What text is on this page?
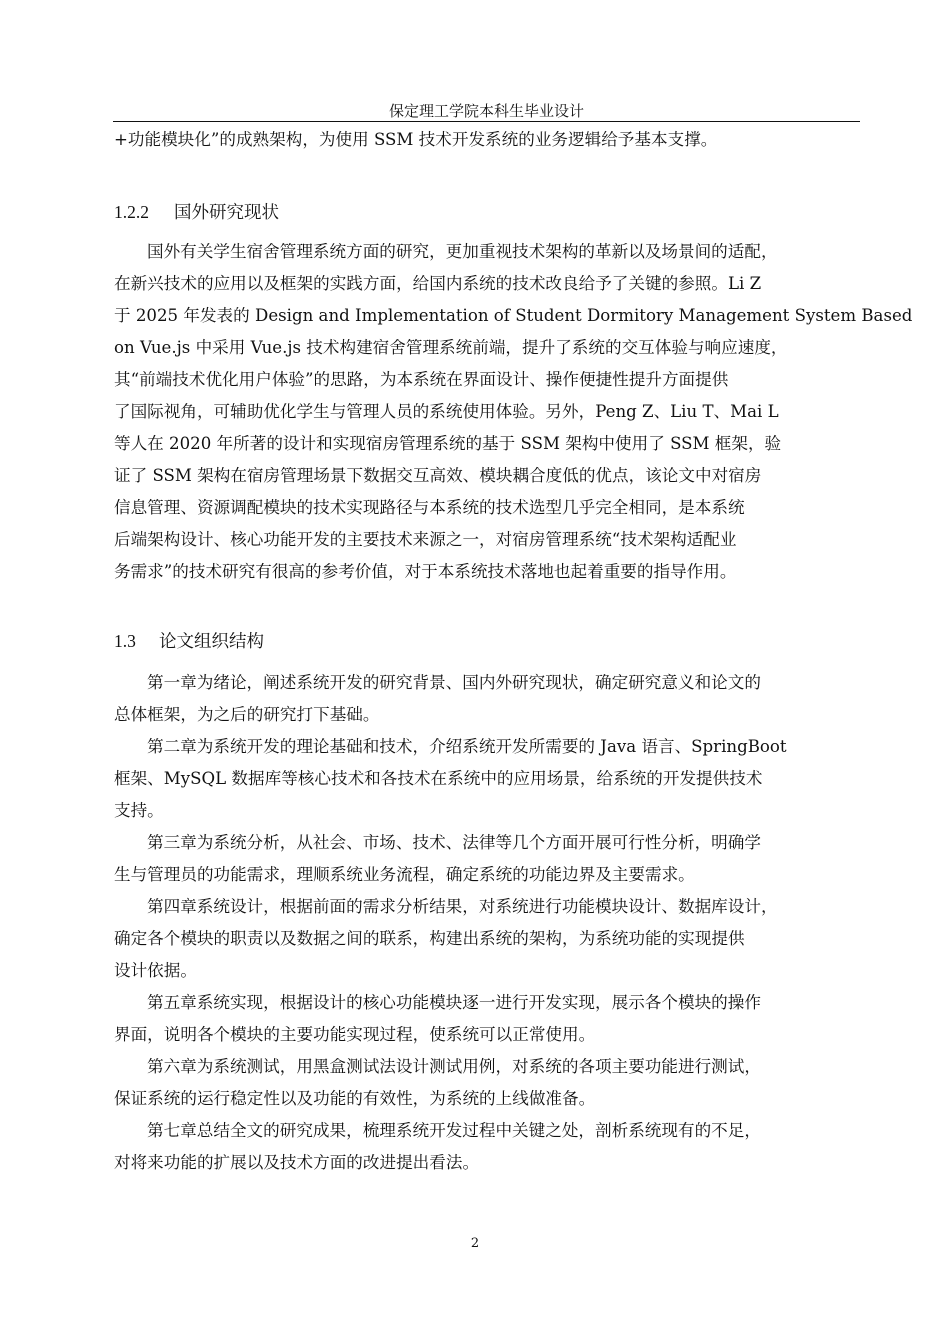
保定理工学院本科生毕业设计
+功能模块化”的成熟架构，为使用 SSM 技术开发系统的业务逻辑给予基本支撑。
1.2.2 国外研究现状
国外有关学生宿舍管理系统方面的研究，更加重视技术架构的革新以及场景间的适配，
在新兴技术的应用以及框架的实践方面，给国内系统的技术改良给予了关键的参照。Li Z
于 2025 年发表的 Design and Implementation of Student Dormitory Management System Based
on Vue.js 中采用 Vue.js 技术构建宿舍管理系统前端，提升了系统的交互体验与响应速度，
其“前端技术优化用户体验”的思路，为本系统在界面设计、操作便捷性提升方面提供
了国际视角，可辅助优化学生与管理人员的系统使用体验。另外，Peng Z、Liu T、Mai L
等人在 2020 年所著的设计和实现宿房管理系统的基于 SSM 架构中使用了 SSM 框架，验
证了 SSM 架构在宿房管理场景下数据交互高效、模块耦合度低的优点，该论文中对宿房
信息管理、资源调配模块的技术实现路径与本系统的技术选型几乎完全相同，是本系统
后端架构设计、核心功能开发的主要技术来源之一，对宿房管理系统“技术架构适配业
务需求”的技术研究有很高的参考价值，对于本系统技术落地也起着重要的指导作用。
1.3 论文组织结构
第一章为绪论，阐述系统开发的研究背景、国内外研究现状，确定研究意义和论文的
总体框架，为之后的研究打下基础。
第二章为系统开发的理论基础和技术，介绍系统开发所需要的 Java 语言、SpringBoot
框架、MySQL 数据库等核心技术和各技术在系统中的应用场景，给系统的开发提供技术
支持。
第三章为系统分析，从社会、市场、技术、法律等几个方面开展可行性分析，明确学
生与管理员的功能需求，理顺系统业务流程，确定系统的功能边界及主要需求。
第四章系统设计，根据前面的需求分析结果，对系统进行功能模块设计、数据库设计，
确定各个模块的职责以及数据之间的联系，构建出系统的架构，为系统功能的实现提供
设计依据。
第五章系统实现，根据设计的核心功能模块逐一进行开发实现，展示各个模块的操作
界面，说明各个模块的主要功能实现过程，使系统可以正常使用。
第六章为系统测试，用黑盒测试法设计测试用例，对系统的各项主要功能进行测试，
保证系统的运行稳定性以及功能的有效性，为系统的上线做准备。
第七章总结全文的研究成果，梳理系统开发过程中关键之处，剖析系统现有的不足，
对将来功能的扩展以及技术方面的改进提出看法。
2
